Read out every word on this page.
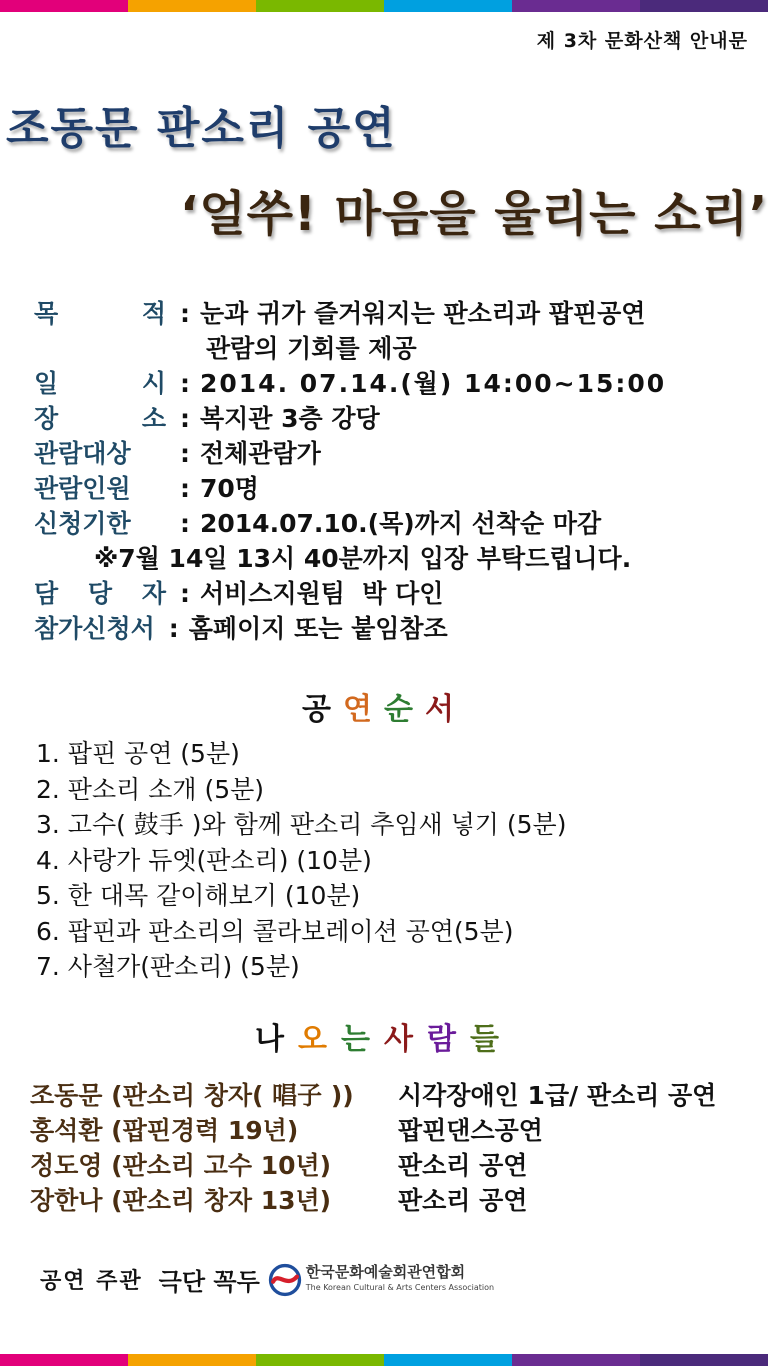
제 3차 문화산책 안내문
조동문 판소리 공연
‘얼쑤! 마음을 울리는 소리’
목	적 : 눈과 귀가 즐거워지는 판소리과 팝핀공연
관람의 기회를 제공
일	시 : 2014. 07.14.(월) 14:00~15:00
장	소 : 복지관 3층 강당
관람대상	: 전체관람가
관람인원	: 70명
신청기한	: 2014.07.10.(목)까지 선착순 마감
※7월 14일 13시 40분까지 입장 부탁드립니다.
담 당 자 : 서비스지원팀  박 다인
참가신청서 : 홈페이지 또는 붙임참조
공연순서
1. 팝핀 공연 (5분)
2. 판소리 소개 (5분)
3. 고수( 鼓手 )와 함께 판소리 추임새 넣기 (5분)
4. 사랑가 듀엣(판소리) (10분)
5. 한 대목 같이해보기 (10분)
6. 팝핀과 판소리의 콜라보레이션 공연(5분)
7. 사철가(판소리) (5분)
나오는사람들
조동문 (판소리 창자( 唱子 ))	시각장애인 1급/ 판소리 공연
홍석환 (팝핀경력 19년)	팝핀댄스공연
정도영 (판소리 고수 10년)	판소리 공연
장한나 (판소리 창자 13년)	판소리 공연
공연 주관 극단 꼭두	한국문화예술회관연합회
The Korean Cultural & Arts Centers Association
